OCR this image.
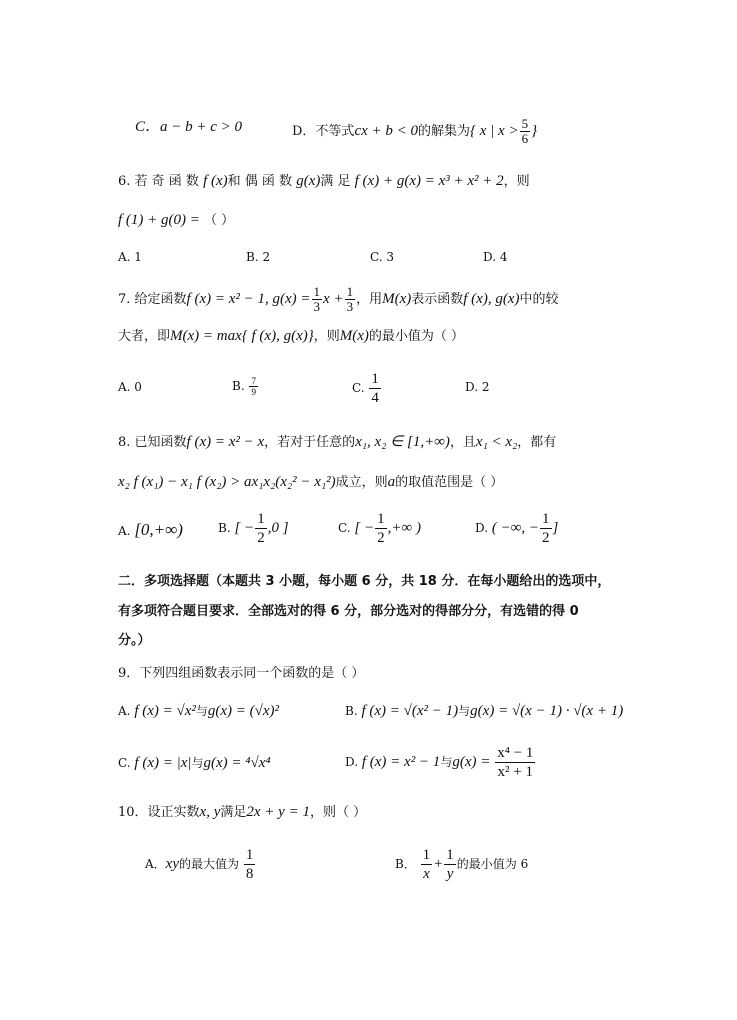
C．a − b + c > 0	D．不等式cx + b < 0的解集为{ x | $x > \frac{5}{6}$ }
6. 若 奇 函 数 f (x)和 偶 函 数 g(x)满 足 f (x) + g(x) = x³ + x² + 2，则
f (1) + g(0) = （ ）
A. 1	B. 2	C. 3	D. 4
7. 给定函数f (x) = x² − 1, $g(x) = \frac{1}{3}$ $x + \frac{1}{3}$ ，用M(x)表示函数f (x), g(x)中的较
大者，即M(x) = max{ f (x), g(x)}，则M(x)的最小值为（ ）
A. 0	B. $\frac{7}{9}$	C. $\frac{1}{4}$	D. 2
8. 已知函数f (x) = x² − x，若对于任意的x₁, x₂ ∈ [1,+∞)，且x₁ < x₂，都有
x₂ f (x₁) − x₁ f (x₂) > ax₁x₂(x₂² − x₁²)成立，则a的取值范围是（ ）
A. [0,+∞)	B. [ − $\frac{1}{2} ,0$ ]	C. [ − $\frac{1}{2}$ ,+∞ )	D. ( −∞, − $\frac{1}{2}$ ]
二．多项选择题（本题共 3 小题，每小题 6 分，共 18 分．在每小题给出的选项中，
有多项符合题目要求．全部选对的得 6 分，部分选对的得部分分，有选错的得 0
分。）
9．下列四组函数表示同一个函数的是（ ）
A. f (x) = √x²与g(x) = (√x)²	B. f (x) = √(x² − 1)与g(x) = √(x − 1) · √(x + 1)
C. f (x) = |x|与g(x) = ⁴√x⁴	D. f (x) = x² − 1与$g(x) = \frac{\text{x⁴ − 1}}{\text{x² + 1}}$
10．设正实数x, y满足2x + y = 1，则（ ）
A．xy的最大值为 $\frac{1}{8}$	B． $\frac{1}{x} + \frac{1}{y}$ 的最小值为 6
